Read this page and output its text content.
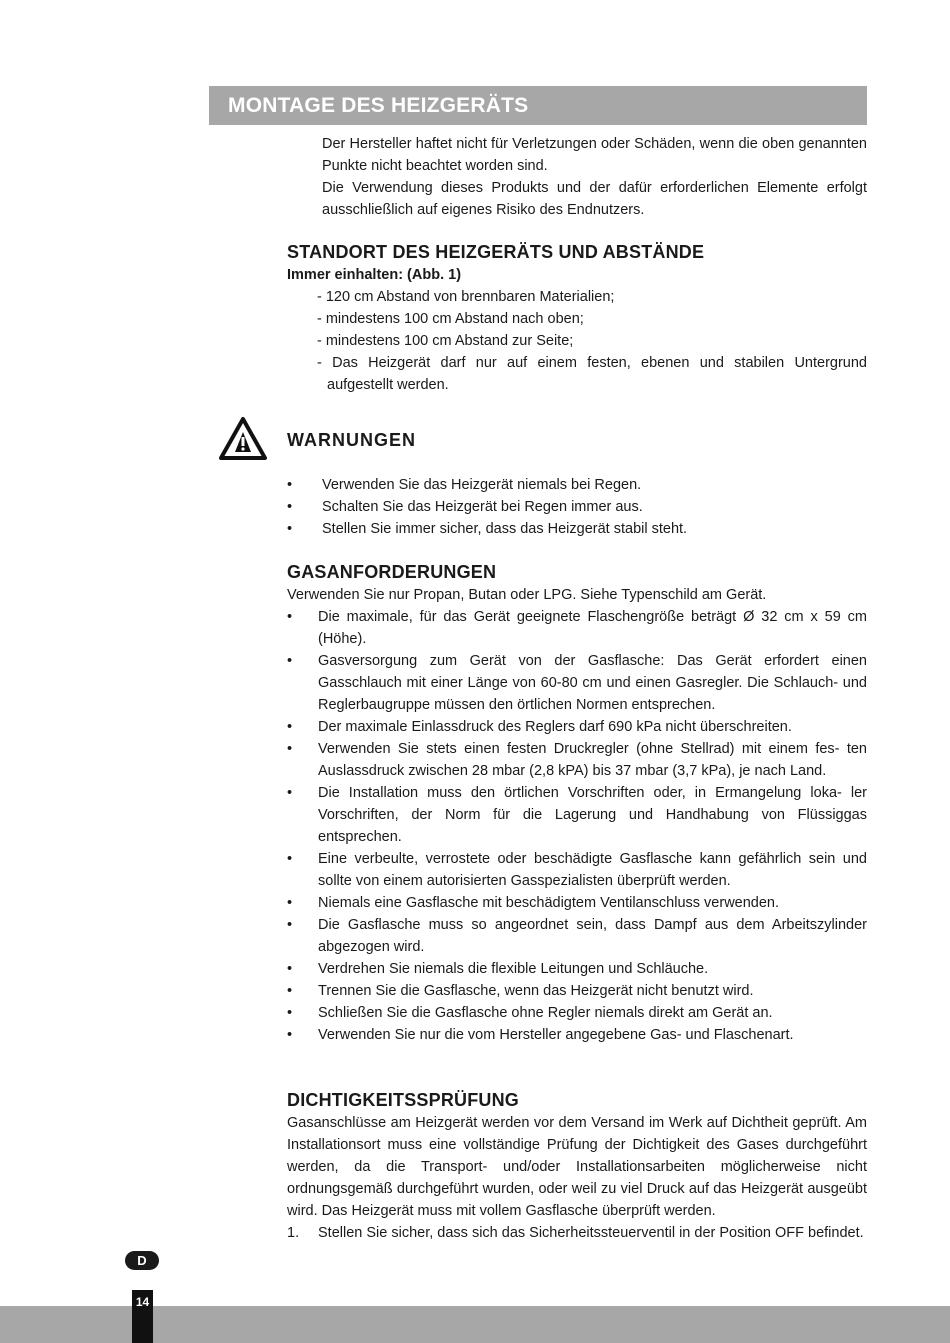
MONTAGE DES HEIZGERÄTS

Der Hersteller haftet nicht für Verletzungen oder Schäden, wenn die oben genannten Punkte nicht beachtet worden sind.

Die Verwendung dieses Produkts und der dafür erforderlichen Elemente erfolgt ausschließlich auf eigenes Risiko des Endnutzers.

STANDORT DES HEIZGERÄTS UND ABSTÄNDE
Immer einhalten: (Abb. 1)
- 120 cm Abstand von brennbaren Materialien;
- mindestens 100 cm Abstand nach oben;
- mindestens 100 cm Abstand zur Seite;
- Das Heizgerät darf nur auf einem festen, ebenen und stabilen Untergrund aufgestellt werden.
WARNUNGEN
• Verwenden Sie das Heizgerät niemals bei Regen.
• Schalten Sie das Heizgerät bei Regen immer aus.
• Stellen Sie immer sicher, dass das Heizgerät stabil steht.
GASANFORDERUNGEN

Verwenden Sie nur Propan, Butan oder LPG. Siehe Typenschild am Gerät.

• Die maximale, für das Gerät geeignete Flaschengröße beträgt Ø 32 cm x 59 cm (Höhe).
• Gasversorgung zum Gerät von der Gasflasche: Das Gerät erfordert einen Gasschlauch mit einer Länge von 60-80 cm und einen Gasregler. Die Schlauch- und Reglerbaugruppe müssen den örtlichen Normen entsprechen.
• Der maximale Einlassdruck des Reglers darf 690 kPa nicht überschreiten.
• Verwenden Sie stets einen festen Druckregler (ohne Stellrad) mit einem fes- ten Auslassdruck zwischen 28 mbar (2,8 kPA) bis 37 mbar (3,7 kPa), je nach Land.
• Die Installation muss den örtlichen Vorschriften oder, in Ermangelung loka- ler Vorschriften, der Norm für die Lagerung und Handhabung von Flüssiggas entsprechen.
• Eine verbeulte, verrostete oder beschädigte Gasflasche kann gefährlich sein und sollte von einem autorisierten Gasspezialisten überprüft werden.
• Niemals eine Gasflasche mit beschädigtem Ventilanschluss verwenden.
• Die Gasflasche muss so angeordnet sein, dass Dampf aus dem Arbeitszylinder abgezogen wird.
• Verdrehen Sie niemals die flexible Leitungen und Schläuche.
• Trennen Sie die Gasflasche, wenn das Heizgerät nicht benutzt wird.
• Schließen Sie die Gasflasche ohne Regler niemals direkt am Gerät an.
• Verwenden Sie nur die vom Hersteller angegebene Gas- und Flaschenart.
DICHTIGKEITSSPRÜFUNG

Gasanschlüsse am Heizgerät werden vor dem Versand im Werk auf Dichtheit geprüft. Am Installationsort muss eine vollständige Prüfung der Dichtigkeit des Gases durchgeführt werden, da die Transport- und/oder Installationsarbeiten möglicherweise nicht ordnungsgemäß durchgeführt wurden, oder weil zu viel Druck auf das Heizgerät ausgeübt wird. Das Heizgerät muss mit vollem Gasflasche überprüft werden.

1. Stellen Sie sicher, dass sich das Sicherheitssteuerventil in der Position OFF befindet.
D
14
